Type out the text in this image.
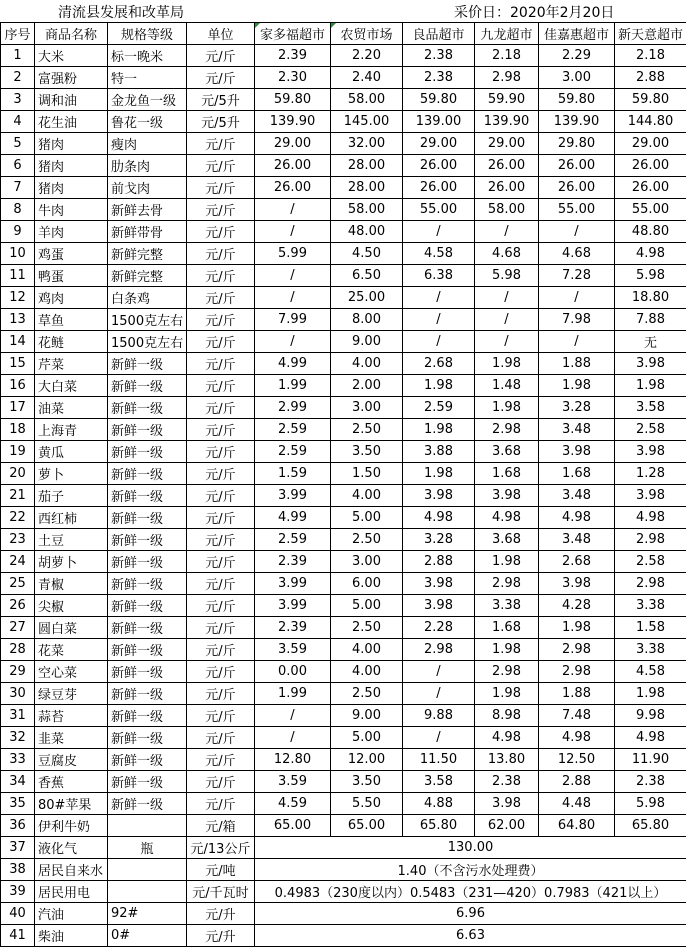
清流县发展和改革局	采价日：2020年2月20日
序号	商品名称	规格等级	单位	家多福超市	农贸市场	良品超市	九龙超市	佳嘉惠超市	新天意超市
1	大米	标一晚米	元/斤	2.39	2.20	2.38	2.18	2.29	2.18
2	富强粉	特一	元/斤	2.30	2.40	2.38	2.98	3.00	2.88
3	调和油	金龙鱼一级	元/5升	59.80	58.00	59.80	59.90	59.80	59.80
4	花生油	鲁花一级	元/5升	139.90	145.00	139.00	139.90	139.90	144.80
5	猪肉	瘦肉	元/斤	29.00	32.00	29.00	29.00	29.80	29.00
6	猪肉	肋条肉	元/斤	26.00	28.00	26.00	26.00	26.00	26.00
7	猪肉	前戈肉	元/斤	26.00	28.00	26.00	26.00	26.00	26.00
8	牛肉	新鲜去骨	元/斤	/	58.00	55.00	58.00	55.00	55.00
9	羊肉	新鲜带骨	元/斤	/	48.00	/	/	/	48.80
10	鸡蛋	新鲜完整	元/斤	5.99	4.50	4.58	4.68	4.68	4.98
11	鸭蛋	新鲜完整	元/斤	/	6.50	6.38	5.98	7.28	5.98
12	鸡肉	白条鸡	元/斤	/	25.00	/	/	/	18.80
13	草鱼	1500克左右	元/斤	7.99	8.00	/	/	7.98	7.88
14	花鲢	1500克左右	元/斤	/	9.00	/	/	/	无
15	芹菜	新鲜一级	元/斤	4.99	4.00	2.68	1.98	1.88	3.98
16	大白菜	新鲜一级	元/斤	1.99	2.00	1.98	1.48	1.98	1.98
17	油菜	新鲜一级	元/斤	2.99	3.00	2.59	1.98	3.28	3.58
18	上海青	新鲜一级	元/斤	2.59	2.50	1.98	2.98	3.48	2.58
19	黄瓜	新鲜一级	元/斤	2.59	3.50	3.88	3.68	3.98	3.98
20	萝卜	新鲜一级	元/斤	1.59	1.50	1.98	1.68	1.68	1.28
21	茄子	新鲜一级	元/斤	3.99	4.00	3.98	3.98	3.48	3.98
22	西红柿	新鲜一级	元/斤	4.99	5.00	4.98	4.98	4.98	4.98
23	土豆	新鲜一级	元/斤	2.59	2.50	3.28	3.68	3.48	2.98
24	胡萝卜	新鲜一级	元/斤	2.39	3.00	2.88	1.98	2.68	2.58
25	青椒	新鲜一级	元/斤	3.99	6.00	3.98	2.98	3.98	2.98
26	尖椒	新鲜一级	元/斤	3.99	5.00	3.98	3.38	4.28	3.38
27	圆白菜	新鲜一级	元/斤	2.39	2.50	2.28	1.68	1.98	1.58
28	花菜	新鲜一级	元/斤	3.59	4.00	2.98	1.98	2.98	3.38
29	空心菜	新鲜一级	元/斤	0.00	4.00	/	2.98	2.98	4.58
30	绿豆芽	新鲜一级	元/斤	1.99	2.50	/	1.98	1.88	1.98
31	蒜苔	新鲜一级	元/斤	/	9.00	9.88	8.98	7.48	9.98
32	韭菜	新鲜一级	元/斤	/	5.00	/	4.98	4.98	4.98
33	豆腐皮	新鲜一级	元/斤	12.80	12.00	11.50	13.80	12.50	11.90
34	香蕉	新鲜一级	元/斤	3.59	3.50	3.58	2.38	2.88	2.38
35	80#苹果	新鲜一级	元/斤	4.59	5.50	4.88	3.98	4.48	5.98
36	伊利牛奶		元/箱	65.00	65.00	65.80	62.00	64.80	65.80
37	液化气	瓶	元/13公斤	130.00					
38	居民自来水		元/吨	1.40（不含污水处理费）					
39	居民用电		元/千瓦时	0.4983（230度以内）0.5483（231—420）0.7983（421以上）					
40	汽油	92#	元/升	6.96					
41	柴油	0#	元/升	6.63					
